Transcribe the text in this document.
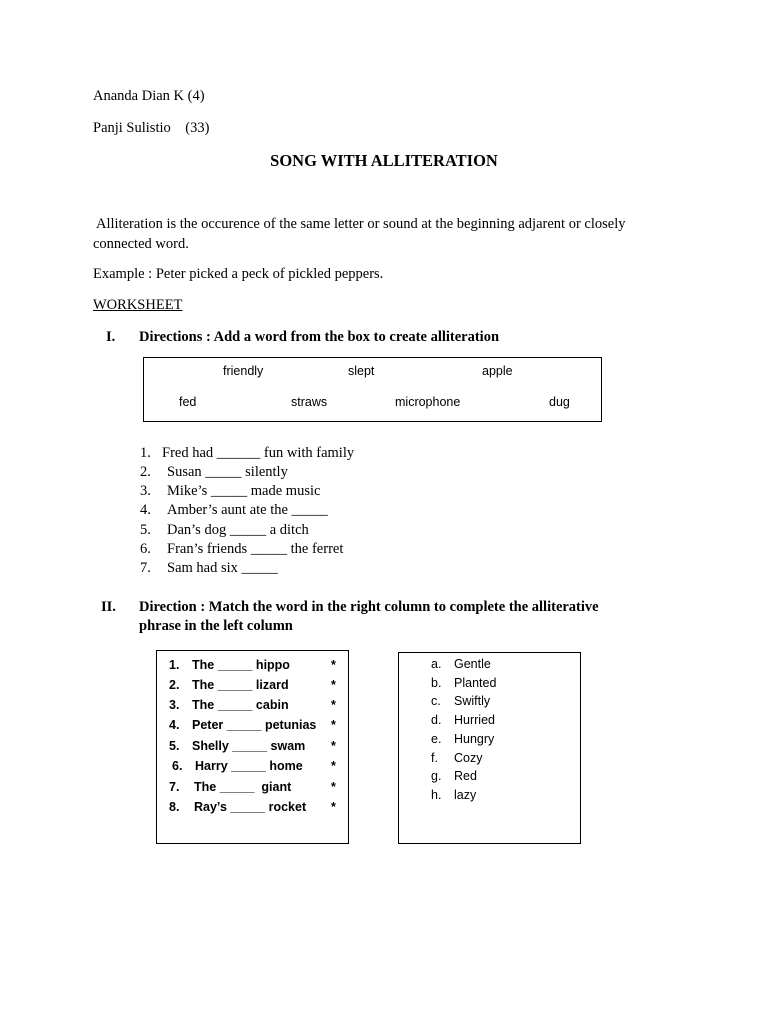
Ananda Dian K (4)
Panji Sulistio    (33)
SONG WITH ALLITERATION
Alliteration is the occurence of the same letter or sound at the beginning adjarent or closely connected word.
Example : Peter picked a peck of pickled peppers.
WORKSHEET
I. Directions : Add a word from the box to create alliteration
friendly	slept	apple
fed	straws	microphone	dug
1. Fred had ______ fun with family
2. Susan _____ silently
3. Mike’s _____ made music
4. Amber’s aunt ate the _____
5. Dan’s dog _____ a ditch
6. Fran’s friends _____ the ferret
7. Sam had six _____
II. Direction : Match the word in the right column to complete the alliterative
phrase in the left column
1. The _____ hippo	*
2. The _____ lizard	*
3. The _____ cabin	*
4. Peter _____ petunias *
5. Shelly _____ swam *
6. Harry _____ home *
7. The _____  giant	*
8. Ray’s _____ rocket *
a. Gentle
b. Planted
c. Swiftly
d. Hurried
e. Hungry
f. Cozy
g. Red
h. lazy
